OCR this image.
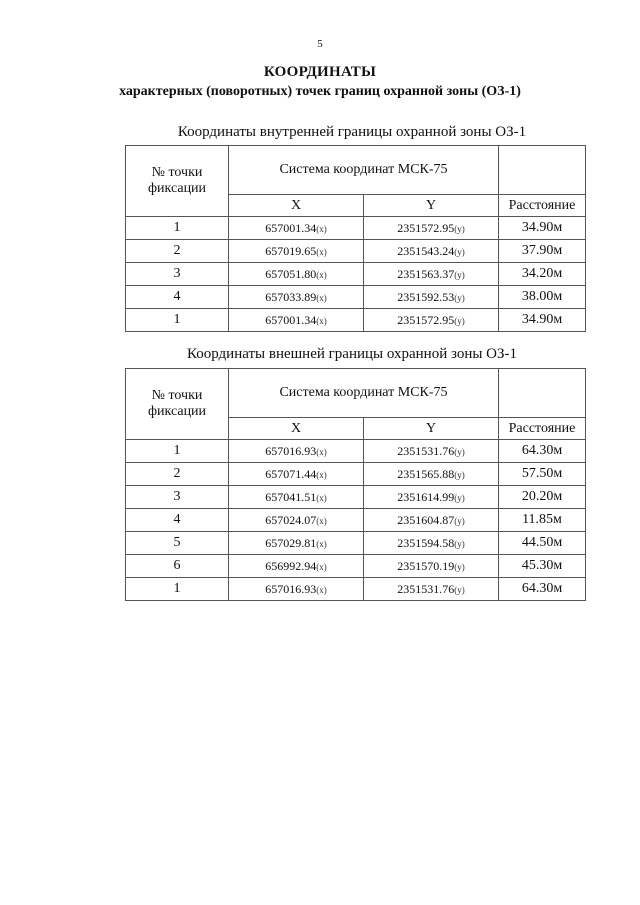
5
КООРДИНАТЫ
характерных (поворотных) точек границ охранной зоны (ОЗ-1)
Координаты внутренней границы охранной зоны ОЗ-1
№ точки фиксации	Система координат МСК-75		
	X	Y	Расстояние
1	657001.34(x)	2351572.95(y)	34.90м
2	657019.65(x)	2351543.24(y)	37.90м
3	657051.80(x)	2351563.37(y)	34.20м
4	657033.89(x)	2351592.53(y)	38.00м
1	657001.34(x)	2351572.95(y)	34.90м
Координаты внешней границы охранной зоны ОЗ-1
№ точки фиксации	Система координат МСК-75		
	X	Y	Расстояние
1	657016.93(x)	2351531.76(y)	64.30м
2	657071.44(x)	2351565.88(y)	57.50м
3	657041.51(x)	2351614.99(y)	20.20м
4	657024.07(x)	2351604.87(y)	11.85м
5	657029.81(x)	2351594.58(y)	44.50м
6	656992.94(x)	2351570.19(y)	45.30м
1	657016.93(x)	2351531.76(y)	64.30м
